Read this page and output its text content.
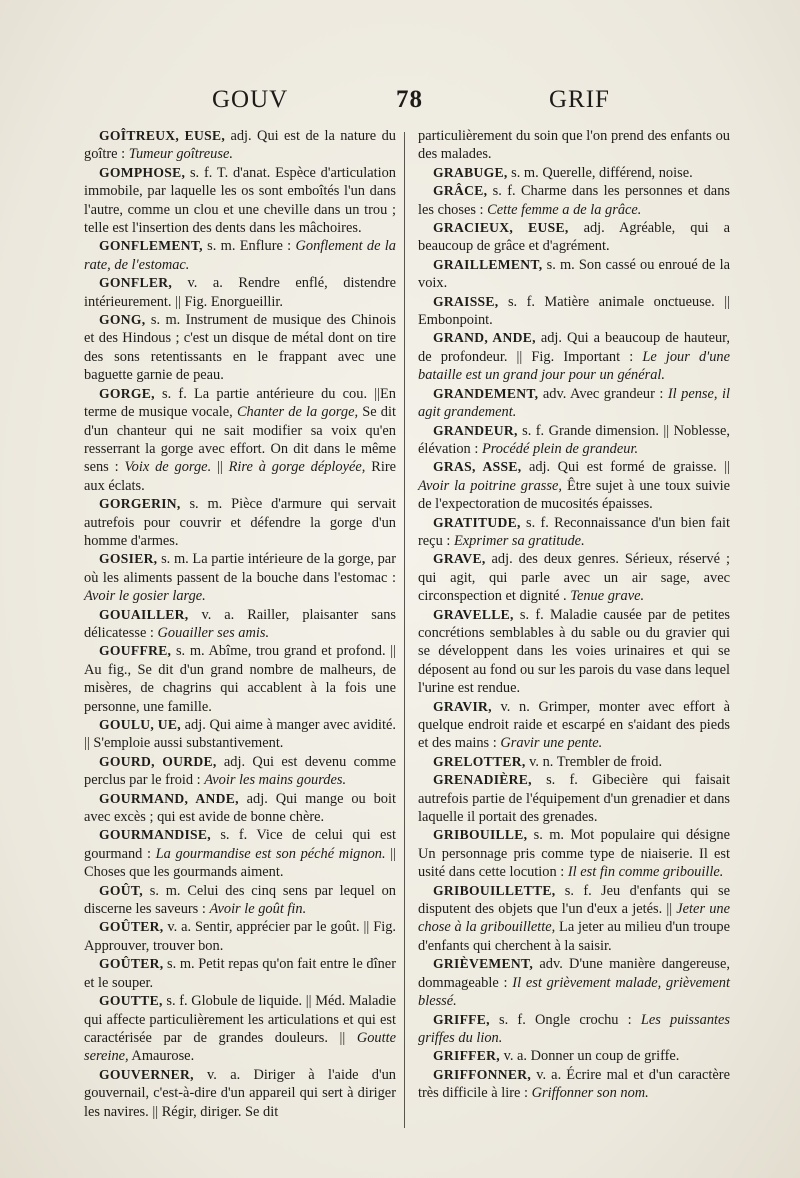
GOUV	78	GRIF

GOÎTREUX, EUSE, adj. Qui est de la nature du goître : Tumeur goîtreuse.

GOMPHOSE, s. f. T. d'anat. Espèce d'articulation immobile, par laquelle les os sont emboîtés l'un dans l'autre, comme un clou et une cheville dans un trou ; telle est l'insertion des dents dans les mâchoires.

GONFLEMENT, s. m. Enflure : Gonflement de la rate, de l'estomac.

GONFLER, v. a. Rendre enflé, distendre intérieurement. || Fig. Enorgueillir.

GONG, s. m. Instrument de musique des Chinois et des Hindous ; c'est un disque de métal dont on tire des sons retentissants en le frappant avec une baguette garnie de peau.

GORGE, s. f. La partie antérieure du cou. ||En terme de musique vocale, Chanter de la gorge, Se dit d'un chanteur qui ne sait modifier sa voix qu'en resserrant la gorge avec effort. On dit dans le même sens : Voix de gorge. || Rire à gorge déployée, Rire aux éclats.

GORGERIN, s. m. Pièce d'armure qui servait autrefois pour couvrir et défendre la gorge d'un homme d'armes.

GOSIER, s. m. La partie intérieure de la gorge, par où les aliments passent de la bouche dans l'estomac : Avoir le gosier large.

GOUAILLER, v. a. Railler, plaisanter sans délicatesse : Gouailler ses amis.

GOUFFRE, s. m. Abîme, trou grand et profond. || Au fig., Se dit d'un grand nombre de malheurs, de misères, de chagrins qui accablent à la fois une personne, une famille.

GOULU, UE, adj. Qui aime à manger avec avidité. || S'emploie aussi substantivement.

GOURD, OURDE, adj. Qui est devenu comme perclus par le froid : Avoir les mains gourdes.

GOURMAND, ANDE, adj. Qui mange ou boit avec excès ; qui est avide de bonne chère.

GOURMANDISE, s. f. Vice de celui qui est gourmand : La gourmandise est son péché mignon. || Choses que les gourmands aiment.

GOÛT, s. m. Celui des cinq sens par lequel on discerne les saveurs : Avoir le goût fin.

GOÛTER, v. a. Sentir, apprécier par le goût. || Fig. Approuver, trouver bon.

GOÛTER, s. m. Petit repas qu'on fait entre le dîner et le souper.

GOUTTE, s. f. Globule de liquide. || Méd. Maladie qui affecte particulièrement les articulations et qui est caractérisée par de grandes douleurs. || Goutte sereine, Amaurose.

GOUVERNER, v. a. Diriger à l'aide d'un gouvernail, c'est-à-dire d'un appareil qui sert à diriger les navires. || Régir, diriger. Se dit

particulièrement du soin que l'on prend des enfants ou des malades.

GRABUGE, s. m. Querelle, différend, noise.

GRÂCE, s. f. Charme dans les personnes et dans les choses : Cette femme a de la grâce.

GRACIEUX, EUSE, adj. Agréable, qui a beaucoup de grâce et d'agrément.

GRAILLEMENT, s. m. Son cassé ou enroué de la voix.

GRAISSE, s. f. Matière animale onctueuse. || Embonpoint.

GRAND, ANDE, adj. Qui a beaucoup de hauteur, de profondeur. || Fig. Important : Le jour d'une bataille est un grand jour pour un général.

GRANDEMENT, adv. Avec grandeur : Il pense, il agit grandement.

GRANDEUR, s. f. Grande dimension. || Noblesse, élévation : Procédé plein de grandeur.

GRAS, ASSE, adj. Qui est formé de graisse. || Avoir la poitrine grasse, Être sujet à une toux suivie de l'expectoration de mucosités épaisses.

GRATITUDE, s. f. Reconnaissance d'un bien fait reçu : Exprimer sa gratitude.

GRAVE, adj. des deux genres. Sérieux, réservé ; qui agit, qui parle avec un air sage, avec circonspection et dignité . Tenue grave.

GRAVELLE, s. f. Maladie causée par de petites concrétions semblables à du sable ou du gravier qui se développent dans les voies urinaires et qui se déposent au fond ou sur les parois du vase dans lequel l'urine est rendue.

GRAVIR, v. n. Grimper, monter avec effort à quelque endroit raide et escarpé en s'aidant des pieds et des mains : Gravir une pente.

GRELOTTER, v. n. Trembler de froid.

GRENADIÈRE, s. f. Gibecière qui faisait autrefois partie de l'équipement d'un grenadier et dans laquelle il portait des grenades.

GRIBOUILLE, s. m. Mot populaire qui désigne Un personnage pris comme type de niaiserie. Il est usité dans cette locution : Il est fin comme gribouille.

GRIBOUILLETTE, s. f. Jeu d'enfants qui se disputent des objets que l'un d'eux a jetés. || Jeter une chose à la gribouillette, La jeter au milieu d'un troupe d'enfants qui cherchent à la saisir.

GRIÈVEMENT, adv. D'une manière dangereuse, dommageable : Il est grièvement malade, grièvement blessé.

GRIFFE, s. f. Ongle crochu : Les puissantes griffes du lion.

GRIFFER, v. a. Donner un coup de griffe.

GRIFFONNER, v. a. Écrire mal et d'un caractère très difficile à lire : Griffonner son nom.
